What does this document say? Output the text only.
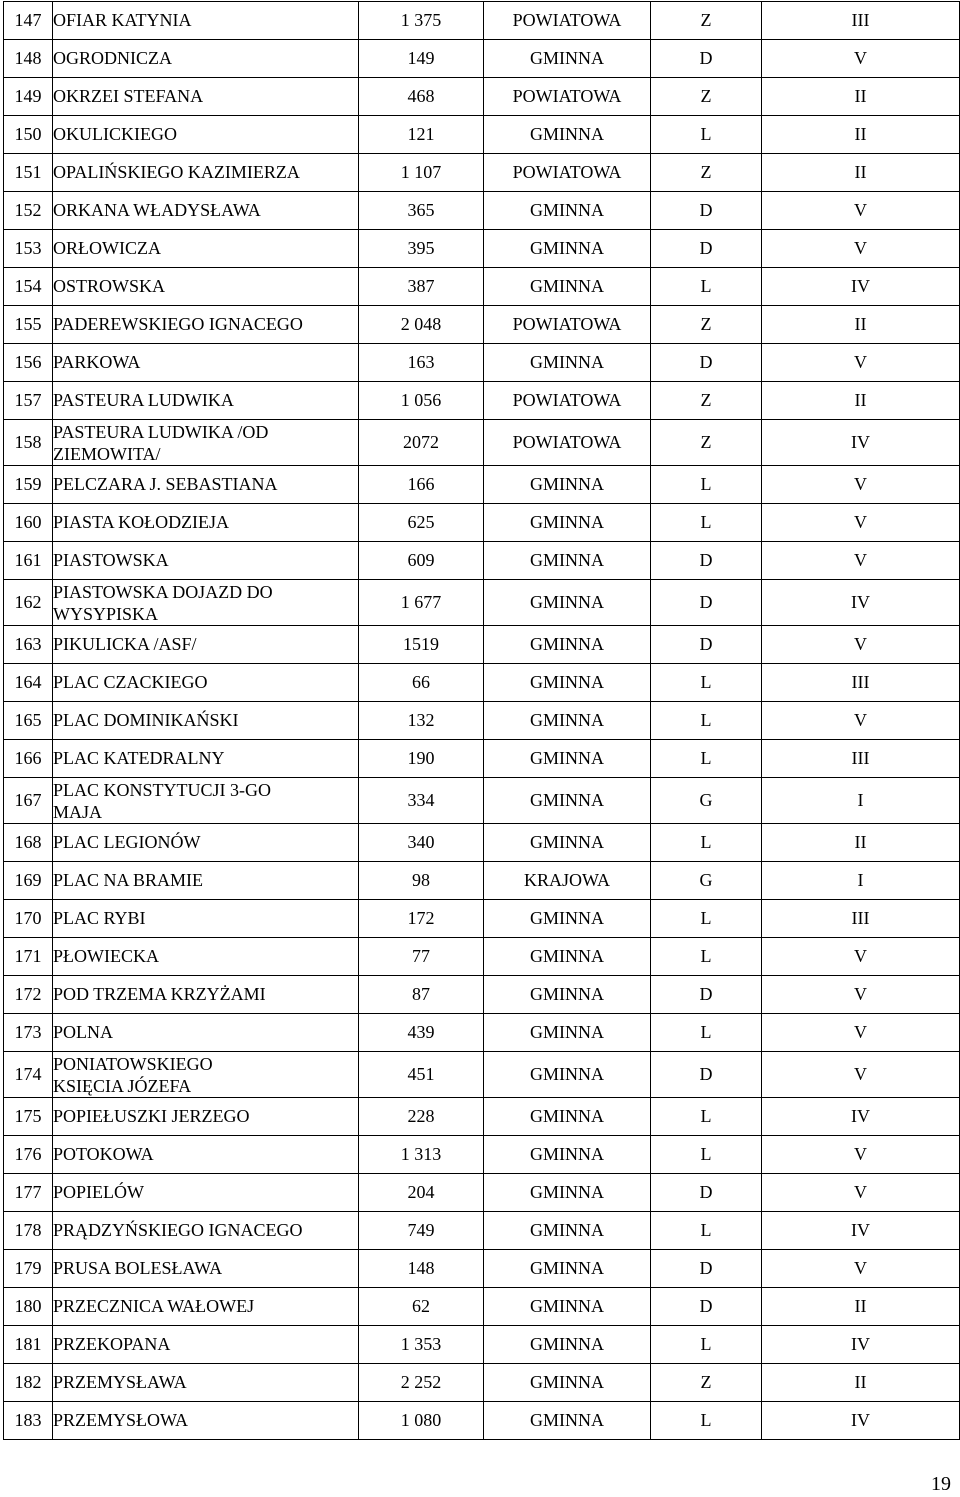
147	OFIAR KATYNIA	1 375	POWIATOWA	Z	III
148	OGRODNICZA	149	GMINNA	D	V
149	OKRZEI STEFANA	468	POWIATOWA	Z	II
150	OKULICKIEGO	121	GMINNA	L	II
151	OPALIŃSKIEGO KAZIMIERZA	1 107	POWIATOWA	Z	II
152	ORKANA WŁADYSŁAWA	365	GMINNA	D	V
153	ORŁOWICZA	395	GMINNA	D	V
154	OSTROWSKA	387	GMINNA	L	IV
155	PADEREWSKIEGO IGNACEGO	2 048	POWIATOWA	Z	II
156	PARKOWA	163	GMINNA	D	V
157	PASTEURA LUDWIKA	1 056	POWIATOWA	Z	II
158	PASTEURA LUDWIKA /OD ZIEMOWITA/	2072	POWIATOWA	Z	IV
159	PELCZARA J. SEBASTIANA	166	GMINNA	L	V
160	PIASTA KOŁODZIEJA	625	GMINNA	L	V
161	PIASTOWSKA	609	GMINNA	D	V
162	PIASTOWSKA DOJAZD DO WYSYPISKA	1 677	GMINNA	D	IV
163	PIKULICKA /ASF/	1519	GMINNA	D	V
164	PLAC CZACKIEGO	66	GMINNA	L	III
165	PLAC DOMINIKAŃSKI	132	GMINNA	L	V
166	PLAC KATEDRALNY	190	GMINNA	L	III
167	PLAC KONSTYTUCJI 3-GO MAJA	334	GMINNA	G	I
168	PLAC LEGIONÓW	340	GMINNA	L	II
169	PLAC NA BRAMIE	98	KRAJOWA	G	I
170	PLAC RYBI	172	GMINNA	L	III
171	PŁOWIECKA	77	GMINNA	L	V
172	POD TRZEMA KRZYŻAMI	87	GMINNA	D	V
173	POLNA	439	GMINNA	L	V
174	PONIATOWSKIEGO KSIĘCIA JÓZEFA	451	GMINNA	D	V
175	POPIEŁUSZKI JERZEGO	228	GMINNA	L	IV
176	POTOKOWA	1 313	GMINNA	L	V
177	POPIELÓW	204	GMINNA	D	V
178	PRĄDZYŃSKIEGO IGNACEGO	749	GMINNA	L	IV
179	PRUSA BOLESŁAWA	148	GMINNA	D	V
180	PRZECZNICA WAŁOWEJ	62	GMINNA	D	II
181	PRZEKOPANA	1 353	GMINNA	L	IV
182	PRZEMYSŁAWA	2 252	GMINNA	Z	II
183	PRZEMYSŁOWA	1 080	GMINNA	L	IV
19
